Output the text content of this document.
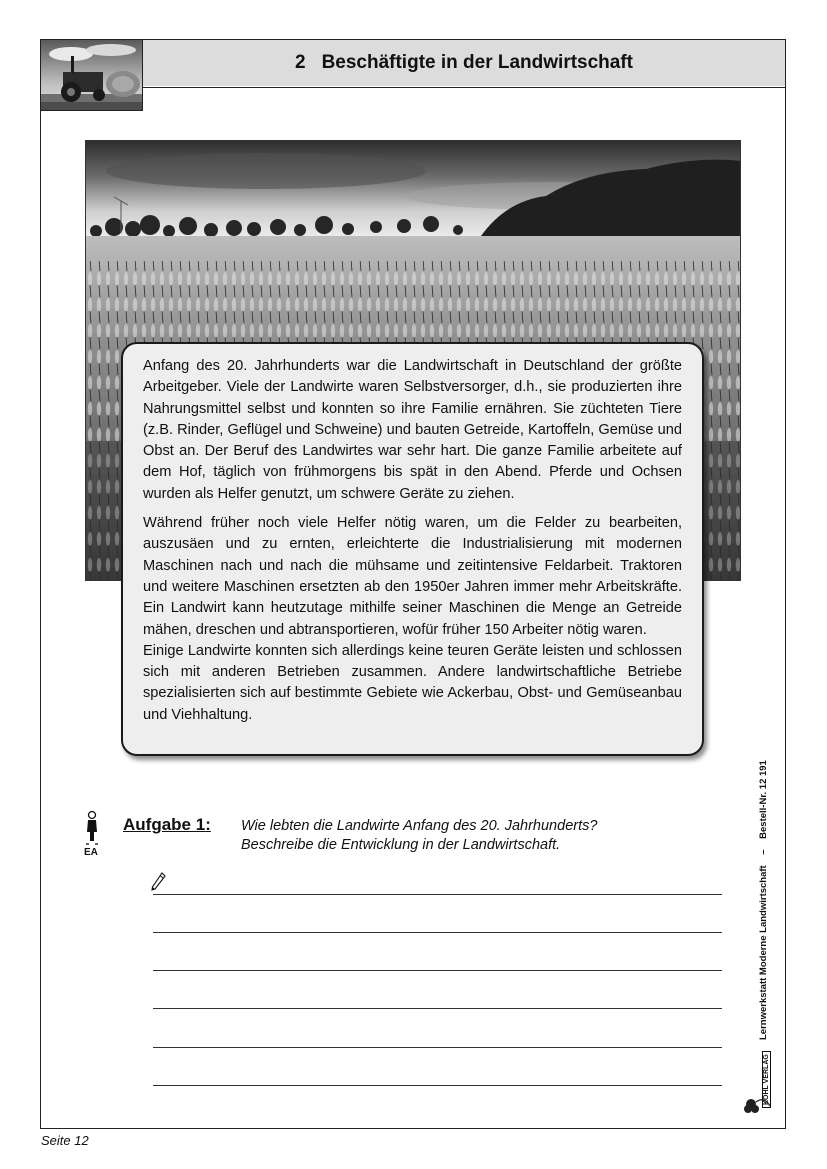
2 Beschäftigte in der Landwirtschaft

Anfang des 20. Jahrhunderts war die Landwirtschaft in Deutschland der größte Arbeitgeber. Viele der Landwirte waren Selbstversorger, d.h., sie produzierten ihre Nahrungsmittel selbst und konnten so ihre Familie ernähren. Sie züchteten Tiere (z.B. Rinder, Geflügel und Schweine) und bauten Getreide, Kartoffeln, Gemüse und Obst an. Der Beruf des Landwirtes war sehr hart. Die ganze Familie arbeitete auf dem Hof, täglich von frühmorgens bis spät in den Abend. Pferde und Ochsen wurden als Helfer genutzt, um schwere Geräte zu ziehen.

Während früher noch viele Helfer nötig waren, um die Felder zu bearbeiten, auszusäen und zu ernten, erleichterte die Industrialisierung mit modernen Maschinen nach und nach die mühsame und zeitintensive Feldarbeit. Traktoren und weitere Maschinen ersetzten ab den 1950er Jahren immer mehr Arbeitskräfte. Ein Landwirt kann heutzutage mithilfe seiner Maschinen die Menge an Getreide mähen, dreschen und abtransportieren, wofür früher 150 Arbeiter nötig waren.

Einige Landwirte konnten sich allerdings keine teuren Geräte leisten und schlossen sich mit anderen Betrieben zusammen. Andere landwirtschaftliche Betriebe spezialisierten sich auf bestimmte Gebiete wie Ackerbau, Obst- und Gemüseanbau und Viehhaltung.

EA
Aufgabe 1: Wie lebten die Landwirte Anfang des 20. Jahrhunderts?
Beschreibe die Entwicklung in der Landwirtschaft.
Lernwerkstatt Moderne Landwirtschaft    –    Bestell-Nr. 12 191
KOHL VERLAG
Seite 12
